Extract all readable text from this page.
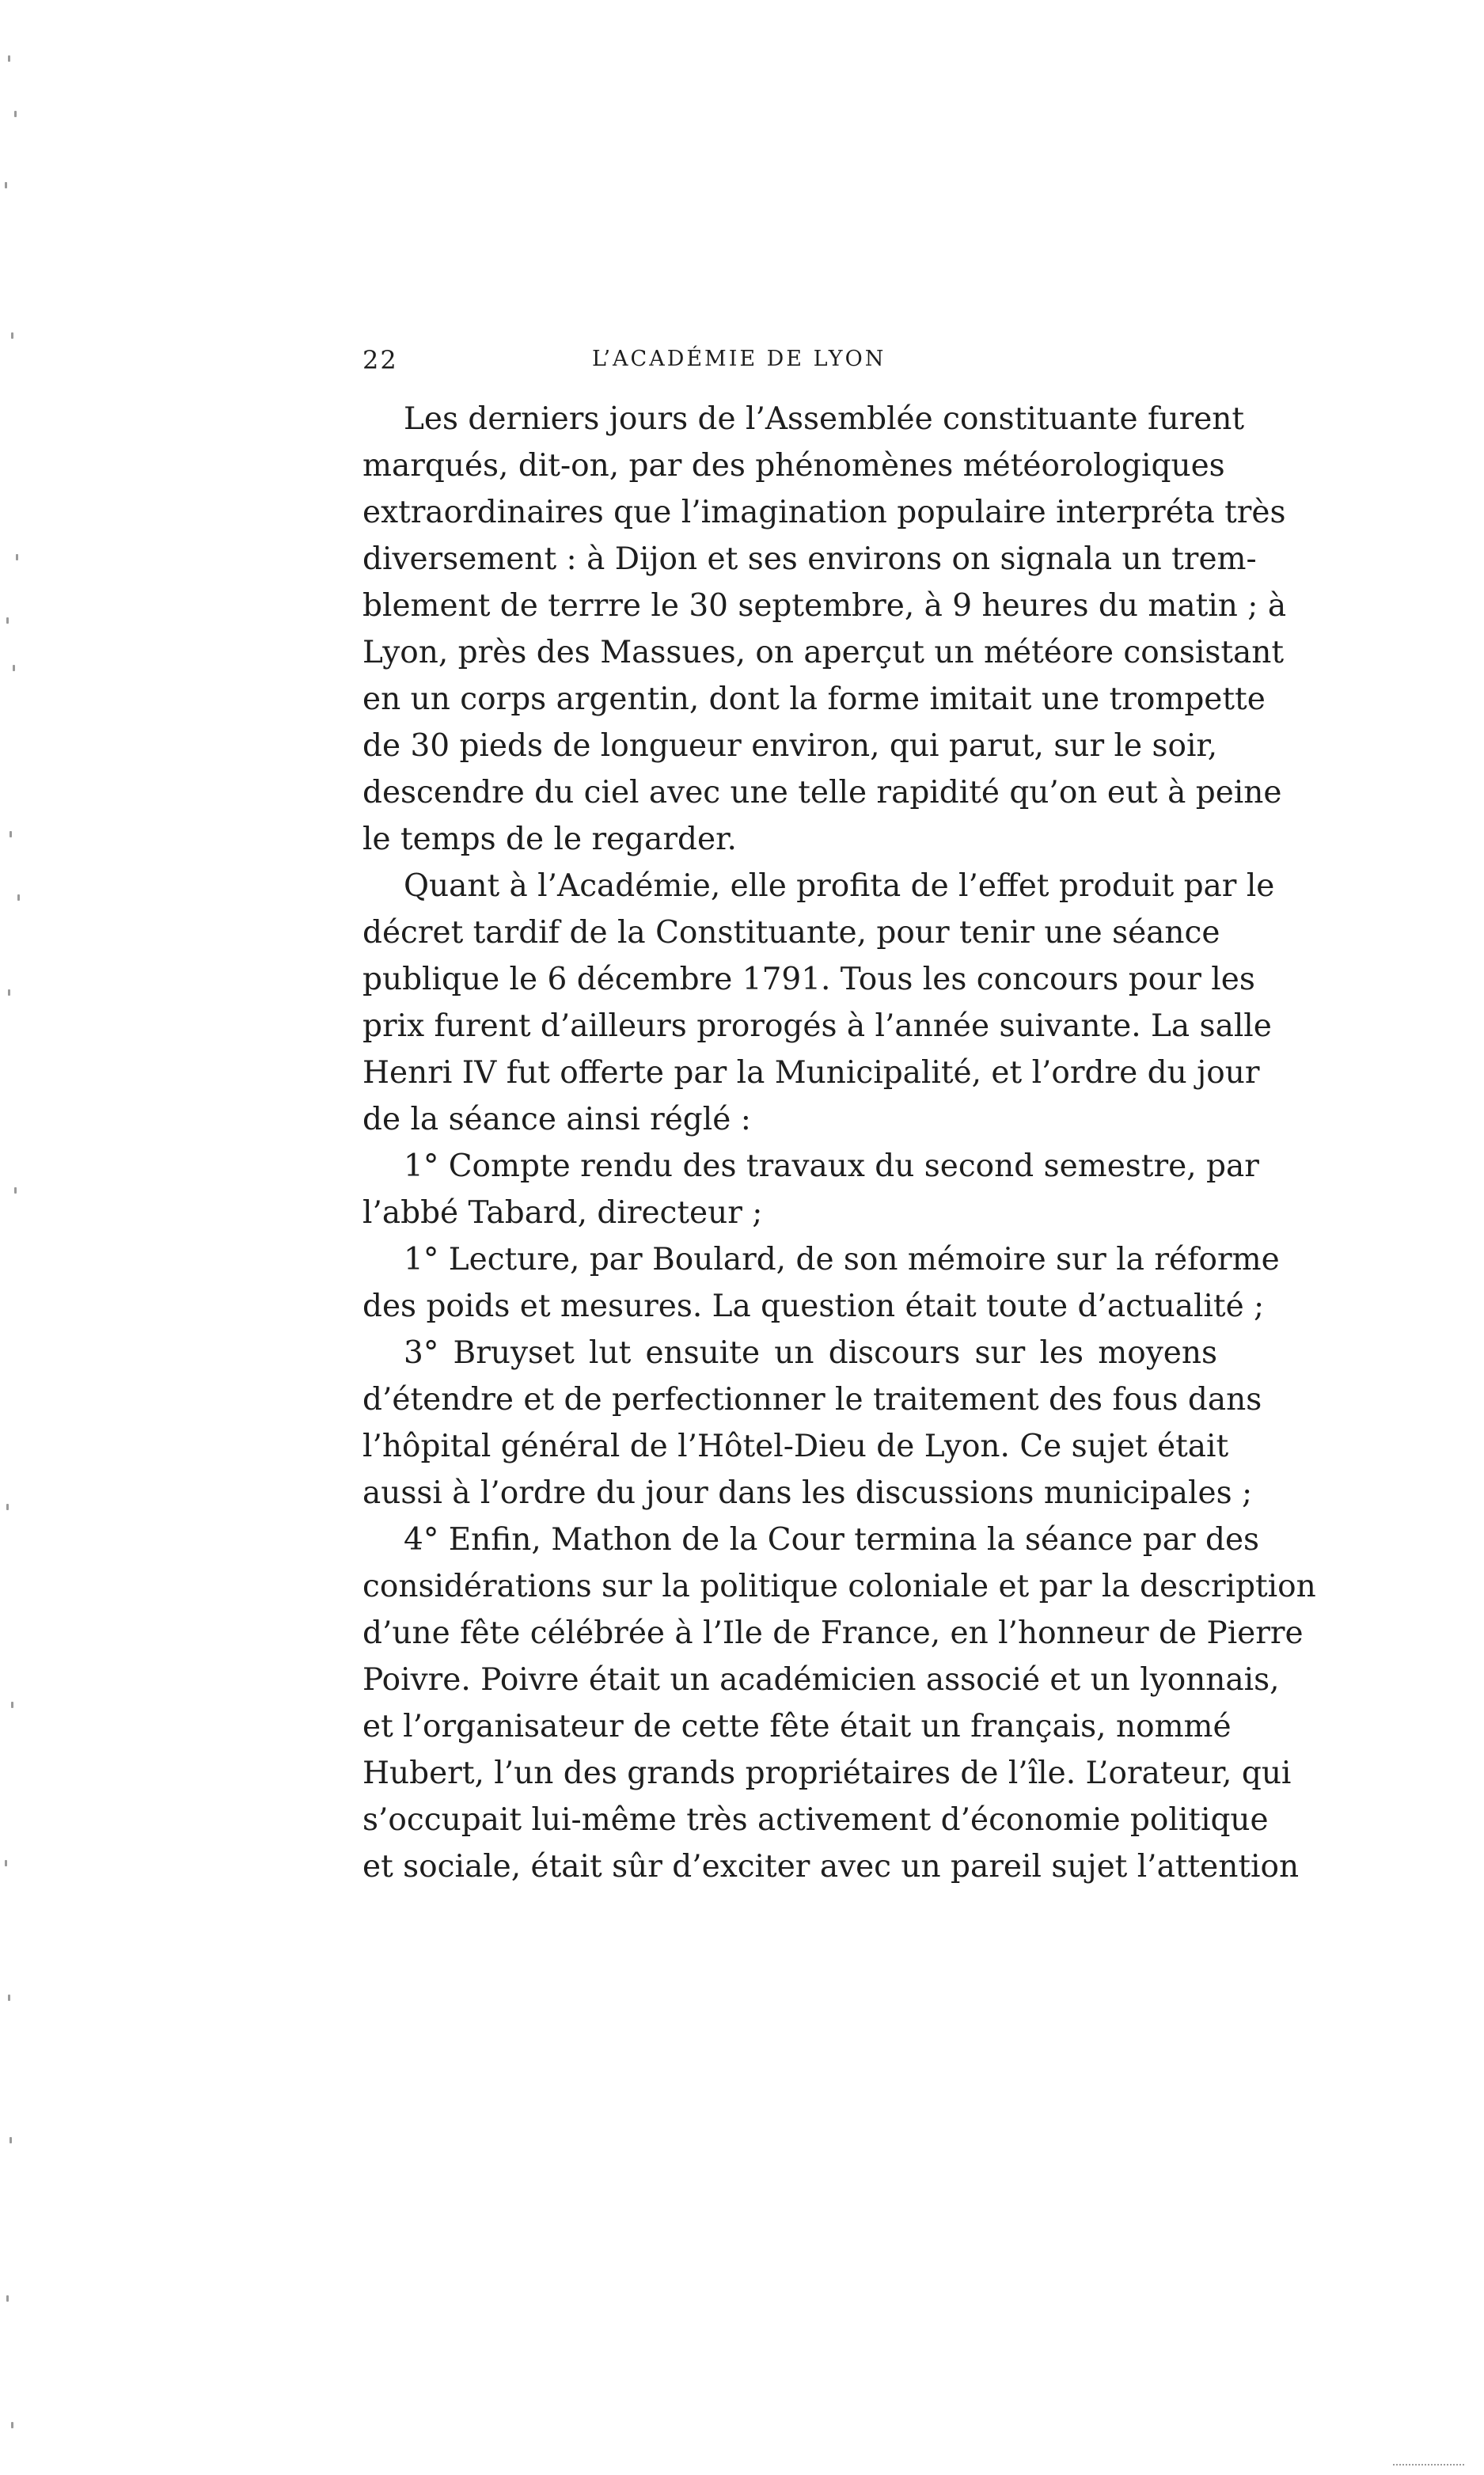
22	L’ACADÉMIE DE LYON
Les derniers jours de l’Assemblée constituante furent
marqués, dit-on, par des phénomènes météorologiques
extraordinaires que l’imagination populaire interpréta très
diversement : à Dijon et ses environs on signala un trem-
blement de terrre le 30 septembre, à 9 heures du matin ; à
Lyon, près des Massues, on aperçut un météore consistant
en un corps argentin, dont la forme imitait une trompette
de 30 pieds de longueur environ, qui parut, sur le soir,
descendre du ciel avec une telle rapidité qu’on eut à peine
le temps de le regarder.
Quant à l’Académie, elle profita de l’effet produit par le
décret tardif de la Constituante, pour tenir une séance
publique le 6 décembre 1791. Tous les concours pour les
prix furent d’ailleurs prorogés à l’année suivante. La salle
Henri IV fut offerte par la Municipalité, et l’ordre du jour
de la séance ainsi réglé :
1° Compte rendu des travaux du second semestre, par
l’abbé Tabard, directeur ;
1° Lecture, par Boulard, de son mémoire sur la réforme
des poids et mesures. La question était toute d’actualité ;
3° Bruyset lut ensuite un discours sur les moyens
d’étendre et de perfectionner le traitement des fous dans
l’hôpital général de l’Hôtel-Dieu de Lyon. Ce sujet était
aussi à l’ordre du jour dans les discussions municipales ;
4° Enfin, Mathon de la Cour termina la séance par des
considérations sur la politique coloniale et par la description
d’une fête célébrée à l’Ile de France, en l’honneur de Pierre
Poivre. Poivre était un académicien associé et un lyonnais,
et l’organisateur de cette fête était un français, nommé
Hubert, l’un des grands propriétaires de l’île. L’orateur, qui
s’occupait lui-même très activement d’économie politique
et sociale, était sûr d’exciter avec un pareil sujet l’attention
